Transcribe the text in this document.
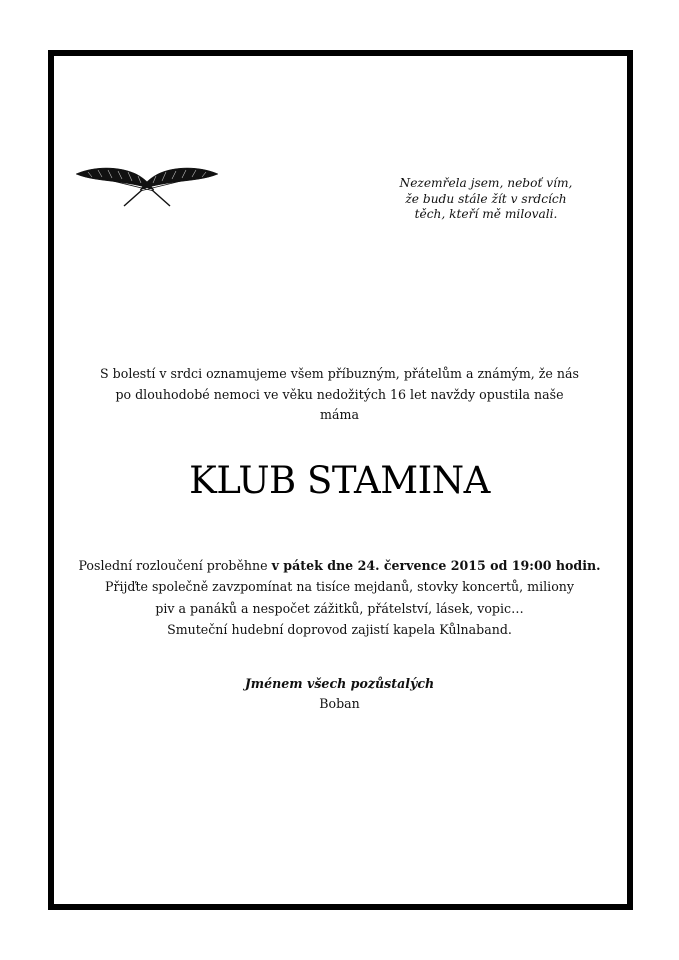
Nezemřela jsem, neboť vím,
že budu stále žít v srdcích
těch, kteří mě milovali.
S bolestí v srdci oznamujeme všem příbuzným, přátelům a známým, že nás
po dlouhodobé nemoci ve věku nedožitých 16 let navždy opustila naše
máma
KLUB STAMINA
Poslední rozloučení proběhne v pátek dne 24. července 2015 od 19:00 hodin.
Přijďte společně zavzpomínat na tisíce mejdanů, stovky koncertů, miliony
piv a panáků a nespočet zážitků, přátelství, lásek, vopic…
Smuteční hudební doprovod zajistí kapela Kůlnaband.
Jménem všech pozůstalých
Boban
